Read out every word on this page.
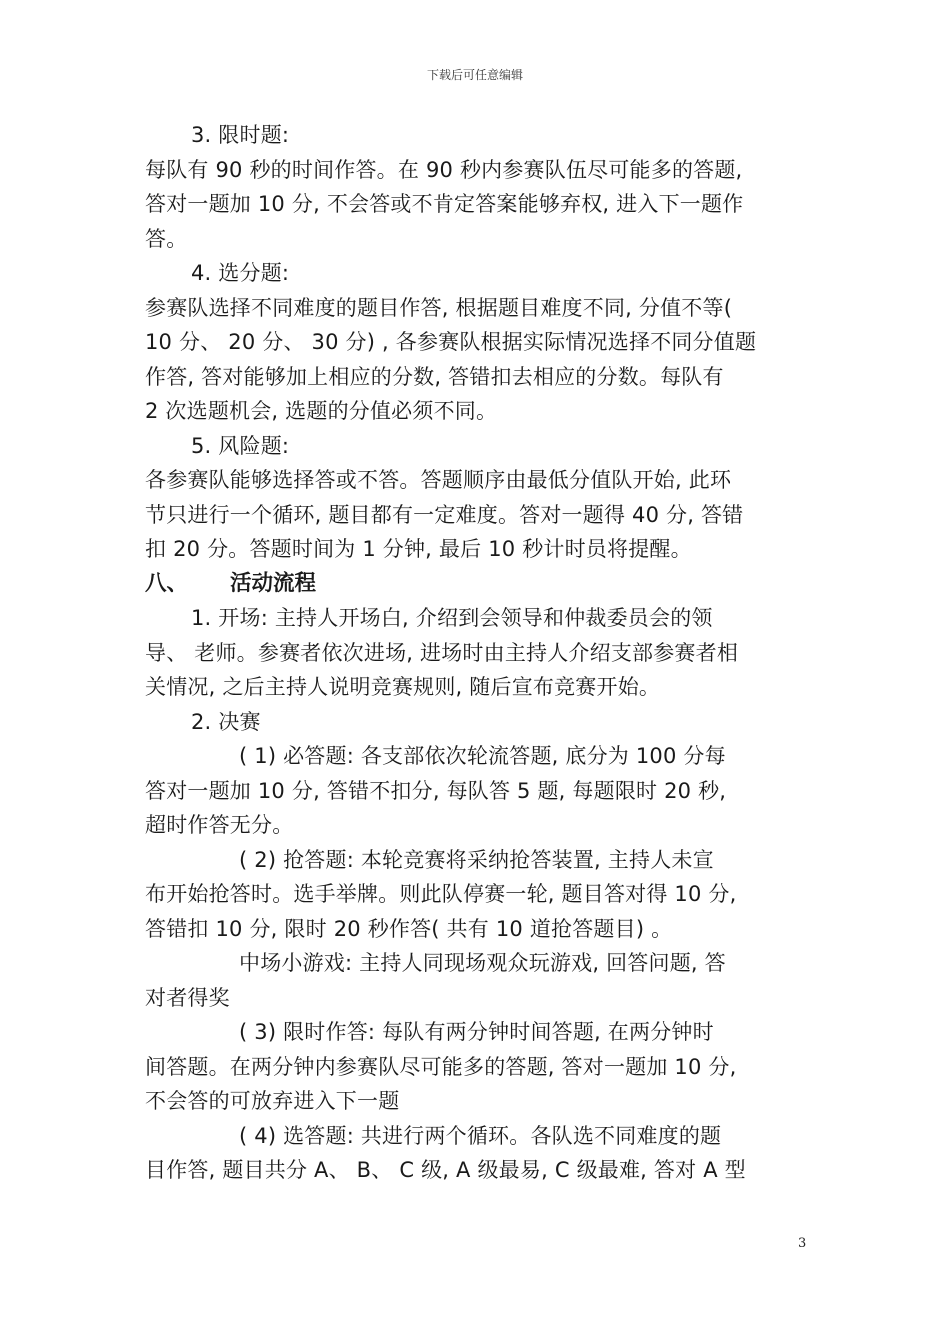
下载后可任意编辑

3. 限时题:

每队有 90 秒的时间作答。在 90 秒内参赛队伍尽可能多的答题,

答对一题加 10 分, 不会答或不肯定答案能够弃权, 进入下一题作

答。

4. 选分题:

参赛队选择不同难度的题目作答, 根据题目难度不同, 分值不等(

10 分、 20 分、 30 分) , 各参赛队根据实际情况选择不同分值题

作答, 答对能够加上相应的分数, 答错扣去相应的分数。每队有

2 次选题机会, 选题的分值必须不同。

5. 风险题:

各参赛队能够选择答或不答。答题顺序由最低分值队开始, 此环

节只进行一个循环, 题目都有一定难度。答对一题得 40 分, 答错

扣 20 分。答题时间为 1 分钟, 最后 10 秒计时员将提醒。

八、 活动流程

1. 开场: 主持人开场白, 介绍到会领导和仲裁委员会的领

导、 老师。参赛者依次进场, 进场时由主持人介绍支部参赛者相

关情况, 之后主持人说明竞赛规则, 随后宣布竞赛开始。

2. 决赛

( 1) 必答题: 各支部依次轮流答题, 底分为 100 分每

答对一题加 10 分, 答错不扣分, 每队答 5 题, 每题限时 20 秒,

超时作答无分。

( 2) 抢答题: 本轮竞赛将采纳抢答装置, 主持人未宣

布开始抢答时。选手举牌。则此队停赛一轮, 题目答对得 10 分,

答错扣 10 分, 限时 20 秒作答( 共有 10 道抢答题目) 。

中场小游戏: 主持人同现场观众玩游戏, 回答问题, 答

对者得奖

( 3) 限时作答: 每队有两分钟时间答题, 在两分钟时

间答题。在两分钟内参赛队尽可能多的答题, 答对一题加 10 分,

不会答的可放弃进入下一题

( 4) 选答题: 共进行两个循环。各队选不同难度的题

目作答, 题目共分 A、 B、 C 级, A 级最易, C 级最难, 答对 A 型

3
